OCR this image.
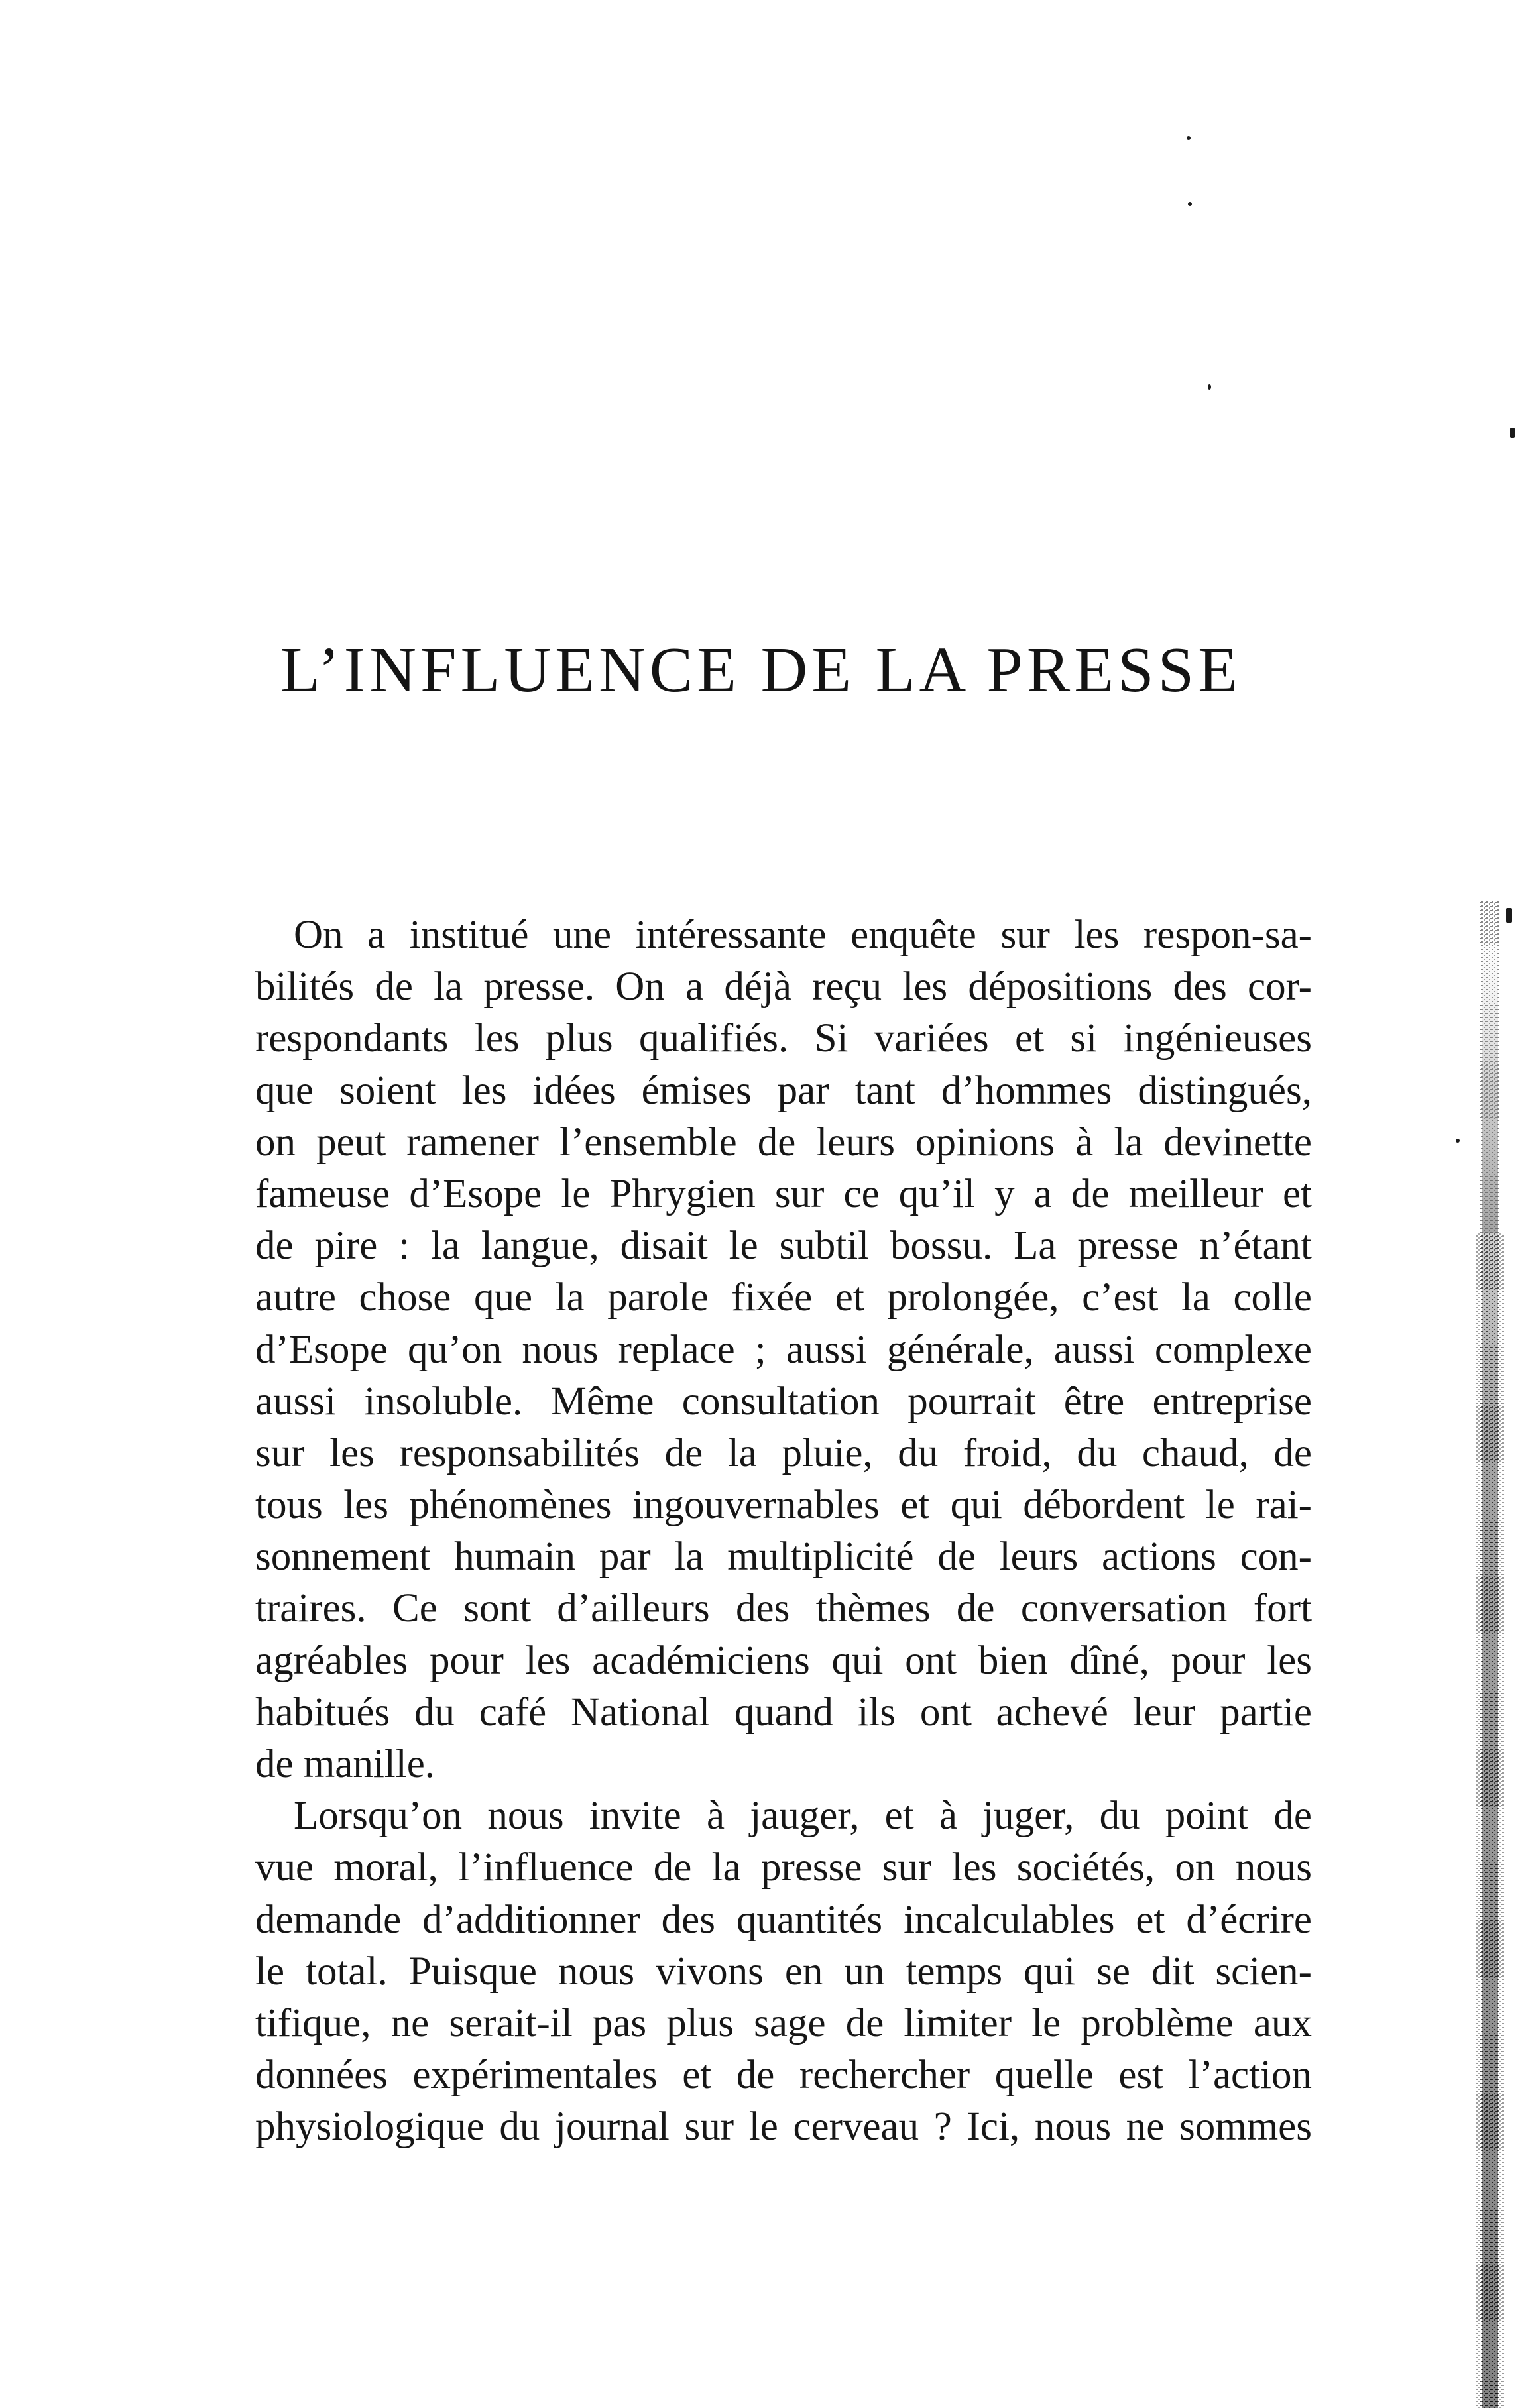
L’INFLUENCE DE LA PRESSE
On a institué une intéressante enquête sur les respon-sa-
bilités de la presse. On a déjà reçu les dépositions des cor-
respondants les plus qualifiés. Si variées et si ingénieuses
que soient les idées émises par tant d’hommes distingués,
on peut ramener l’ensemble de leurs opinions à la devinette
fameuse d’Esope le Phrygien sur ce qu’il y a de meilleur et
de pire : la langue, disait le subtil bossu. La presse n’étant
autre chose que la parole fixée et prolongée, c’est la colle
d’Esope qu’on nous replace ; aussi générale, aussi complexe
aussi insoluble. Même consultation pourrait être entreprise
sur les responsabilités de la pluie, du froid, du chaud, de
tous les phénomènes ingouvernables et qui débordent le rai-
sonnement humain par la multiplicité de leurs actions con-
traires. Ce sont d’ailleurs des thèmes de conversation fort
agréables pour les académiciens qui ont bien dîné, pour les
habitués du café National quand ils ont achevé leur partie
de manille.
Lorsqu’on nous invite à jauger, et à juger, du point de
vue moral, l’influence de la presse sur les sociétés, on nous
demande d’additionner des quantités incalculables et d’écrire
le total. Puisque nous vivons en un temps qui se dit scien-
tifique, ne serait-il pas plus sage de limiter le problème aux
données expérimentales et de rechercher quelle est l’action
physiologique du journal sur le cerveau ? Ici, nous ne sommes
